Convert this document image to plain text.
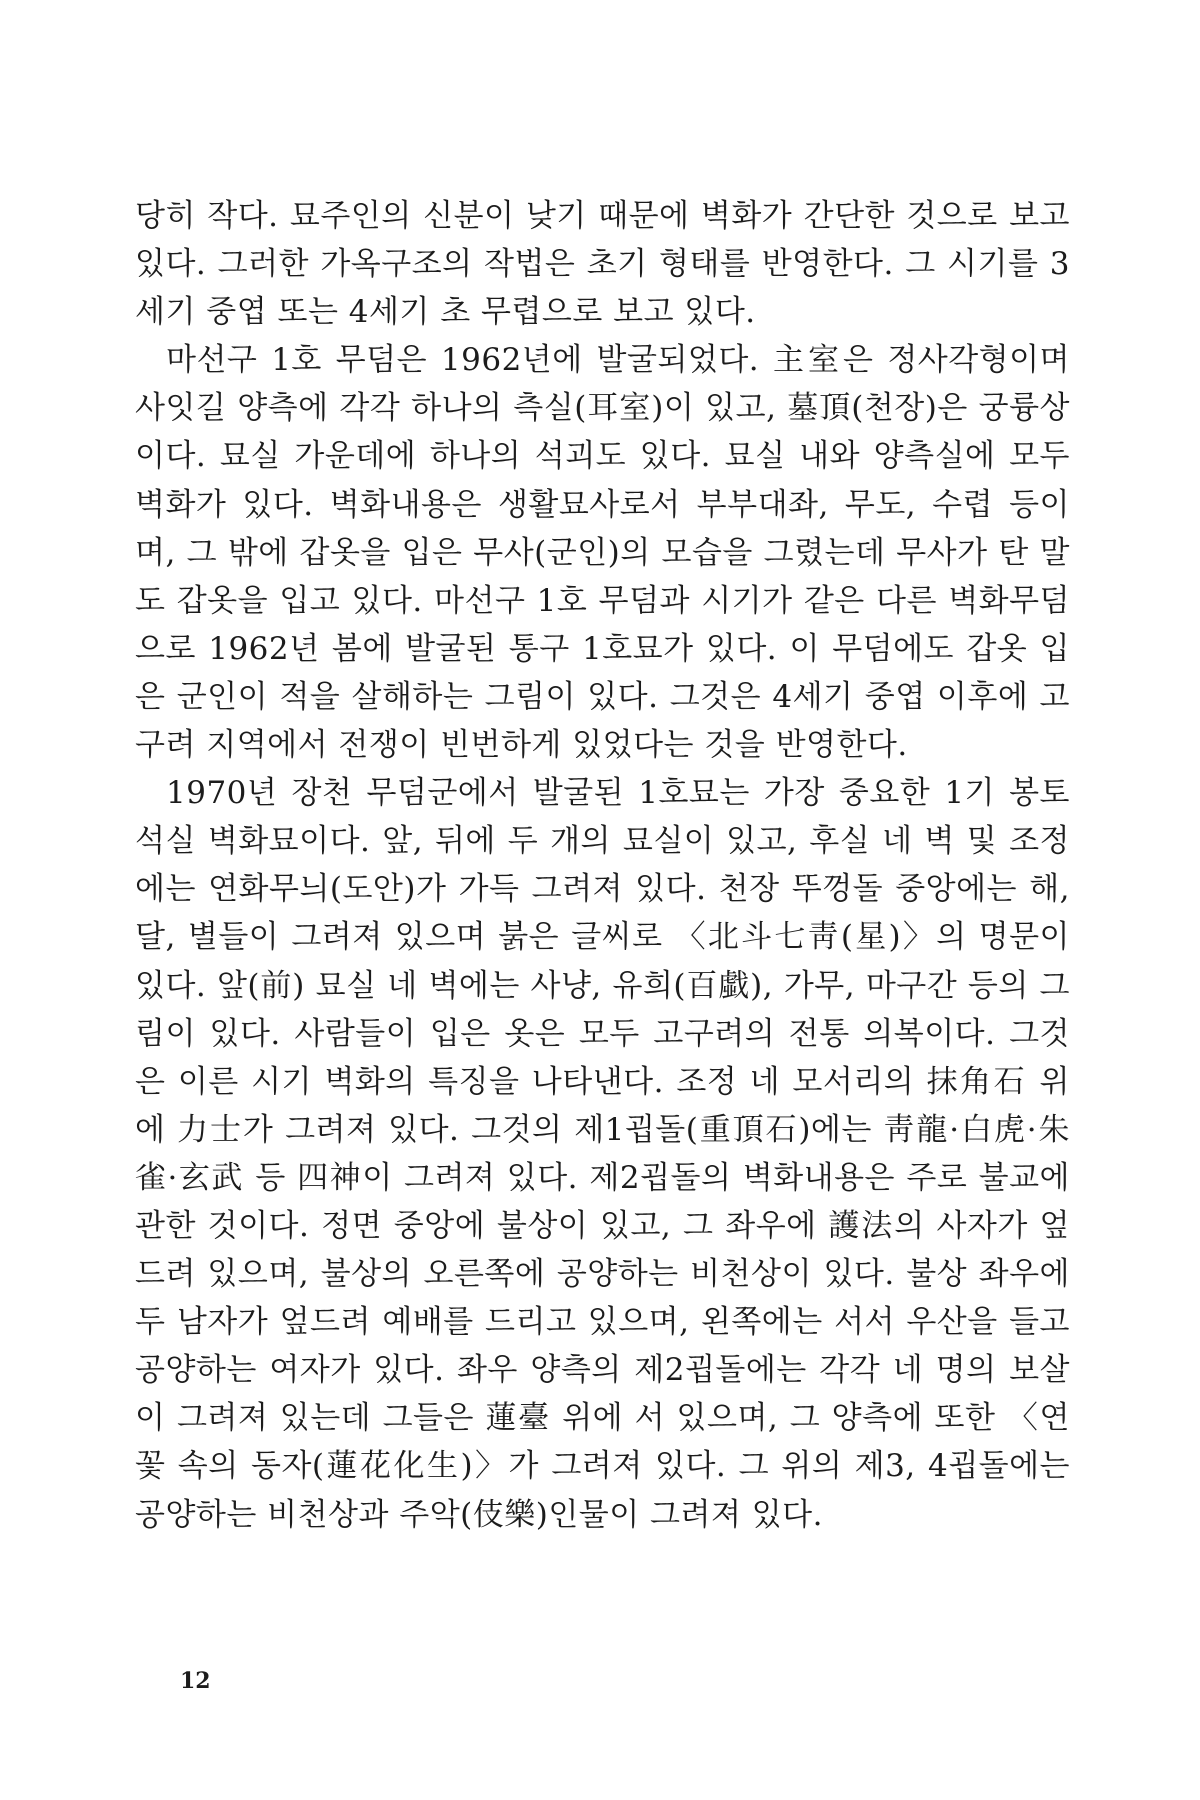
당히 작다. 묘주인의 신분이 낮기 때문에 벽화가 간단한 것으로 보고 있다. 그러한 가옥구조의 작법은 초기 형태를 반영한다. 그 시기를 3세기 중엽 또는 4세기 초 무렵으로 보고 있다.

마선구 1호 무덤은 1962년에 발굴되었다. 主室은 정사각형이며 사잇길 양측에 각각 하나의 측실(耳室)이 있고, 墓頂(천장)은 궁륭상이다. 묘실 가운데에 하나의 석괴도 있다. 묘실 내와 양측실에 모두 벽화가 있다. 벽화내용은 생활묘사로서 부부대좌, 무도, 수렵 등이며, 그 밖에 갑옷을 입은 무사(군인)의 모습을 그렸는데 무사가 탄 말도 갑옷을 입고 있다. 마선구 1호 무덤과 시기가 같은 다른 벽화무덤으로 1962년 봄에 발굴된 통구 1호묘가 있다. 이 무덤에도 갑옷 입은 군인이 적을 살해하는 그림이 있다. 그것은 4세기 중엽 이후에 고구려 지역에서 전쟁이 빈번하게 있었다는 것을 반영한다.

1970년 장천 무덤군에서 발굴된 1호묘는 가장 중요한 1기 봉토석실 벽화묘이다. 앞, 뒤에 두 개의 묘실이 있고, 후실 네 벽 및 조정에는 연화무늬(도안)가 가득 그려져 있다. 천장 뚜껑돌 중앙에는 해, 달, 별들이 그려져 있으며 붉은 글씨로 〈北斗七靑(星)〉의 명문이 있다. 앞(前) 묘실 네 벽에는 사냥, 유희(百戱), 가무, 마구간 등의 그림이 있다. 사람들이 입은 옷은 모두 고구려의 전통 의복이다. 그것은 이른 시기 벽화의 특징을 나타낸다. 조정 네 모서리의 抹角石 위에 力士가 그려져 있다. 그것의 제1굅돌(重頂石)에는 靑龍·白虎·朱雀·玄武 등 四神이 그려져 있다. 제2굅돌의 벽화내용은 주로 불교에 관한 것이다. 정면 중앙에 불상이 있고, 그 좌우에 護法의 사자가 엎드려 있으며, 불상의 오른쪽에 공양하는 비천상이 있다. 불상 좌우에 두 남자가 엎드려 예배를 드리고 있으며, 왼쪽에는 서서 우산을 들고 공양하는 여자가 있다. 좌우 양측의 제2굅돌에는 각각 네 명의 보살이 그려져 있는데 그들은 蓮臺 위에 서 있으며, 그 양측에 또한 〈연꽃 속의 동자(蓮花化生)〉가 그려져 있다. 그 위의 제3, 4굅돌에는 공양하는 비천상과 주악(伎樂)인물이 그려져 있다.

12
